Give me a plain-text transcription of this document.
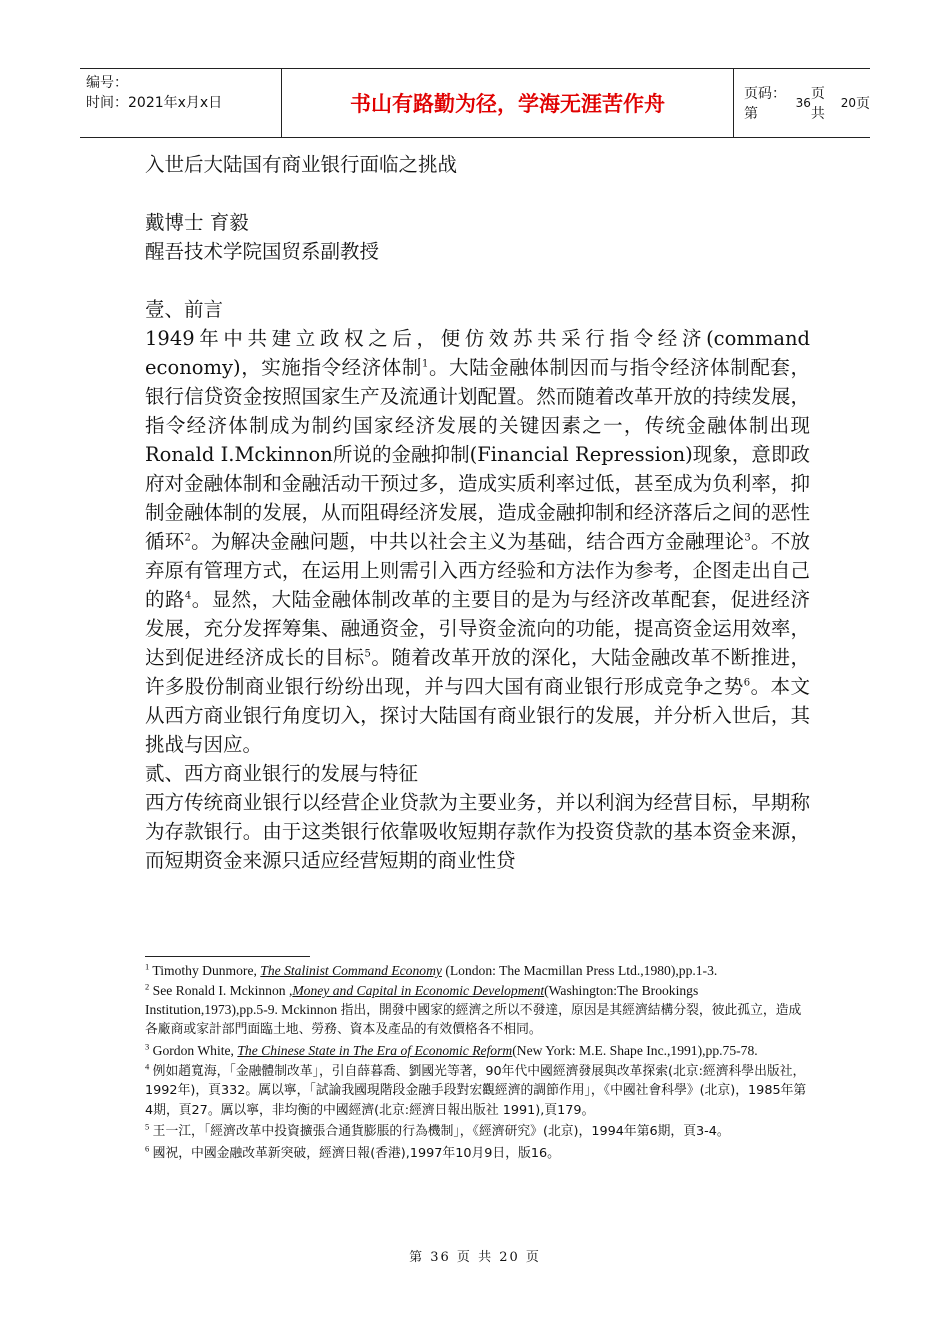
编号：
时间：2021年x月x日	书山有路勤为径，学海无涯苦作舟	页码：第
36
页 共
20 页

入世后大陆国有商业银行面临之挑战

戴博士 育毅

醒吾技术学院国贸系副教授

壹、前言

1949年中共建立政权之后，便仿效苏共采行指令经济(command economy)，实施指令经济体制$^1$。大陆金融体制因而与指令经济体制配套，银行信贷资金按照国家生产及流通计划配置。然而随着改革开放的持续发展，指令经济体制成为制约国家经济发展的关键因素之一，传统金融体制出现Ronald I.Mckinnon所说的金融抑制(Financial Repression)现象，意即政府对金融体制和金融活动干预过多，造成实质利率过低，甚至成为负利率，抑制金融体制的发展，从而阻碍经济发展，造成金融抑制和经济落后之间的恶性循环$^2$。为解决金融问题，中共以社会主义为基础，结合西方金融理论$^3$。不放弃原有管理方式，在运用上则需引入西方经验和方法作为参考，企图走出自己的路$^4$。显然，大陆金融体制改革的主要目的是为与经济改革配套，促进经济发展，充分发挥筹集、融通资金，引导资金流向的功能，提高资金运用效率，达到促进经济成长的目标$^5$。随着改革开放的深化，大陆金融改革不断推进，许多股份制商业银行纷纷出现，并与四大国有商业银行形成竞争之势$^6$。本文从西方商业银行角度切入，探讨大陆国有商业银行的发展，并分析入世后，其挑战与因应。

贰、西方商业银行的发展与特征

西方传统商业银行以经营企业贷款为主要业务，并以利润为经营目标，早期称为存款银行。由于这类银行依靠吸收短期存款作为投资贷款的基本资金来源，而短期资金来源只适应经营短期的商业性贷

$^1$ Timothy Dunmore, The Stalinist Command Economy (London: The Macmillan Press Ltd.,1980),pp.1-3.

$^2$ See Ronald I. Mckinnon ,Money and Capital in Economic Development(Washington:The Brookings Institution,1973),pp.5-9. Mckinnon 指出，開發中國家的經濟之所以不發達，原因是其經濟結構分裂，彼此孤立，造成各廠商或家計部門面臨土地、勞務、資本及產品的有效價格各不相同。

$^3$ Gordon White, The Chinese State in The Era of Economic Reform(New York: M.E. Shape Inc.,1991),pp.75-78.

$^4$ 例如趙寬海，「金融體制改革」，引自薛暮喬、劉國光等著，90年代中國經濟發展與改革探索(北京:經濟科學出版社，1992年)，頁332。厲以寧，「試論我國現階段金融手段對宏觀經濟的調節作用」，《中國社會科學》(北京)，1985年第4期，頁27。厲以寧，非均衡的中國經濟(北京:經濟日報出版社 1991),頁179。

$^5$ 王一江，「經濟改革中投資擴張合通貨膨脹的行為機制」，《經濟研究》(北京)，1994年第6期，頁3-4。

$^6$ 國祝，中國金融改革新突破，經濟日報(香港),1997年10月9日，版16。

第 36 页 共 20 页
